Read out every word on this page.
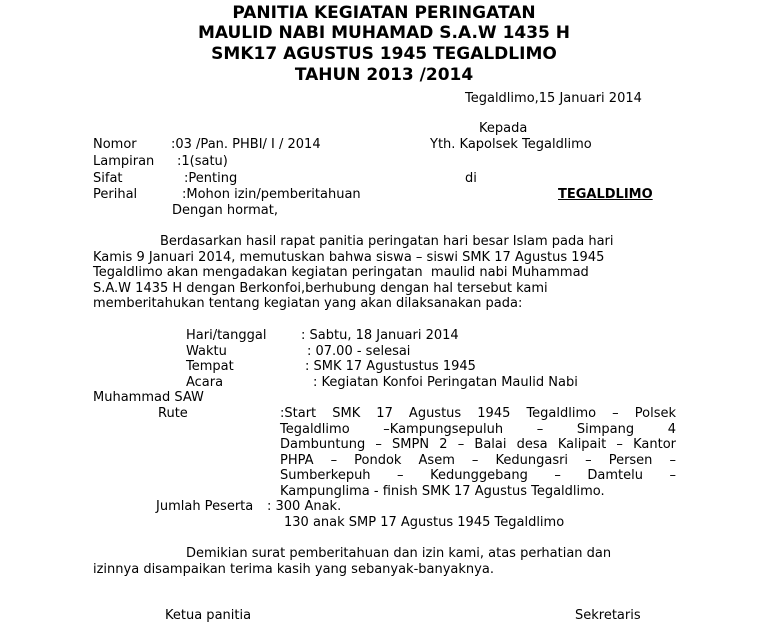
PANITIA KEGIATAN PERINGATAN
MAULID NABI MUHAMAD S.A.W 1435 H
SMK17 AGUSTUS 1945 TEGALDLIMO
TAHUN 2013 /2014
Tegaldlimo,15 Januari 2014
Kepada
Yth. Kapolsek Tegaldlimo
di
TEGALDLIMO
Nomor	:03 /Pan. PHBI/ I / 2014
Lampiran :1(satu)
Sifat	:Penting
Perihal	:Mohon izin/pemberitahuan
Dengan hormat,
Berdasarkan hasil rapat panitia peringatan hari besar Islam pada hari
Kamis 9 Januari 2014, memutuskan bahwa siswa – siswi SMK 17 Agustus 1945
Tegaldlimo akan mengadakan kegiatan peringatan  maulid nabi Muhammad
S.A.W 1435 H dengan Berkonfoi,berhubung dengan hal tersebut kami
memberitahukan tentang kegiatan yang akan dilaksanakan pada:
Hari/tanggal	: Sabtu, 18 Januari 2014
Waktu	: 07.00 - selesai
Tempat	: SMK 17 Agustustus 1945
Acara	: Kegiatan Konfoi Peringatan Maulid Nabi
Muhammad SAW
Rute	:Start SMK 17 Agustus 1945 Tegaldlimo – Polsek
Tegaldlimo –Kampungsepuluh – Simpang 4
Dambuntung – SMPN 2 – Balai desa Kalipait – Kantor
PHPA – Pondok Asem – Kedungasri – Persen –
Sumberkepuh – Kedunggebang – Damtelu –
Kampunglima - finish SMK 17 Agustus Tegaldlimo.
Jumlah Peserta : 300 Anak.
130 anak SMP 17 Agustus 1945 Tegaldlimo
Demikian surat pemberitahuan dan izin kami, atas perhatian dan
izinnya disampaikan terima kasih yang sebanyak-banyaknya.
Ketua panitia	Sekretaris
